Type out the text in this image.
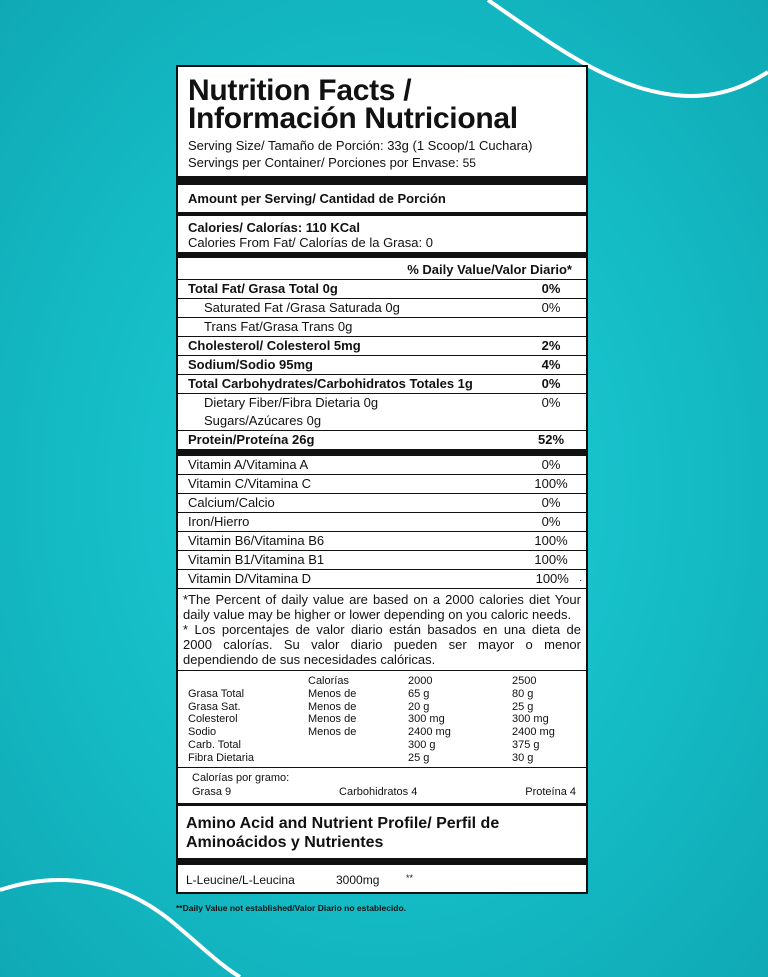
Nutrition Facts /
Información Nutricional
Serving Size/ Tamaño de Porción: 33g (1 Scoop/1 Cuchara)
Servings per Container/ Porciones por Envase: 55
Amount per Serving/ Cantidad de Porción
Calories/ Calorías: 110 KCal
Calories From Fat/ Calorías de la Grasa: 0
% Daily Value/Valor Diario*
Total Fat/ Grasa Total 0g	0%
Saturated Fat /Grasa Saturada 0g	0%
Trans Fat/Grasa Trans 0g
Cholesterol/ Colesterol 5mg	2%
Sodium/Sodio 95mg	4%
Total Carbohydrates/Carbohidratos Totales 1g	0%
Dietary Fiber/Fibra Dietaria 0g	0%
Sugars/Azúcares 0g
Protein/Proteína 26g	52%
Vitamin A/Vitamina A	0%
Vitamin C/Vitamina C	100%
Calcium/Calcio	0%
Iron/Hierro	0%
Vitamin B6/Vitamina B6	100%
Vitamin B1/Vitamina B1	100%
Vitamin D/Vitamina D	100%	.
*The Percent of daily value are based on a 2000 calories diet Your daily value may be higher or lower depending on you caloric needs.
* Los porcentajes de valor diario están basados en una dieta de 2000 calorías. Su valor diario pueden ser mayor o menor dependiendo de sus necesidades calóricas.
	Calorías	2000	2500
Grasa Total	Menos de	65 g	80 g
Grasa Sat.	Menos de	20 g	25 g
Colesterol	Menos de	300 mg	300 mg
Sodio	Menos de	2400 mg	2400 mg
Carb. Total		300 g	375 g
Fibra Dietaria		25 g	30 g
Calorías por gramo:
Grasa 9	Carbohidratos 4	Proteína 4
Amino Acid and Nutrient Profile/ Perfil de Aminoácidos y Nutrientes
L-Leucine/L-Leucina	3000mg	**
**Daily Value not established/Valor Diario no establecido.
